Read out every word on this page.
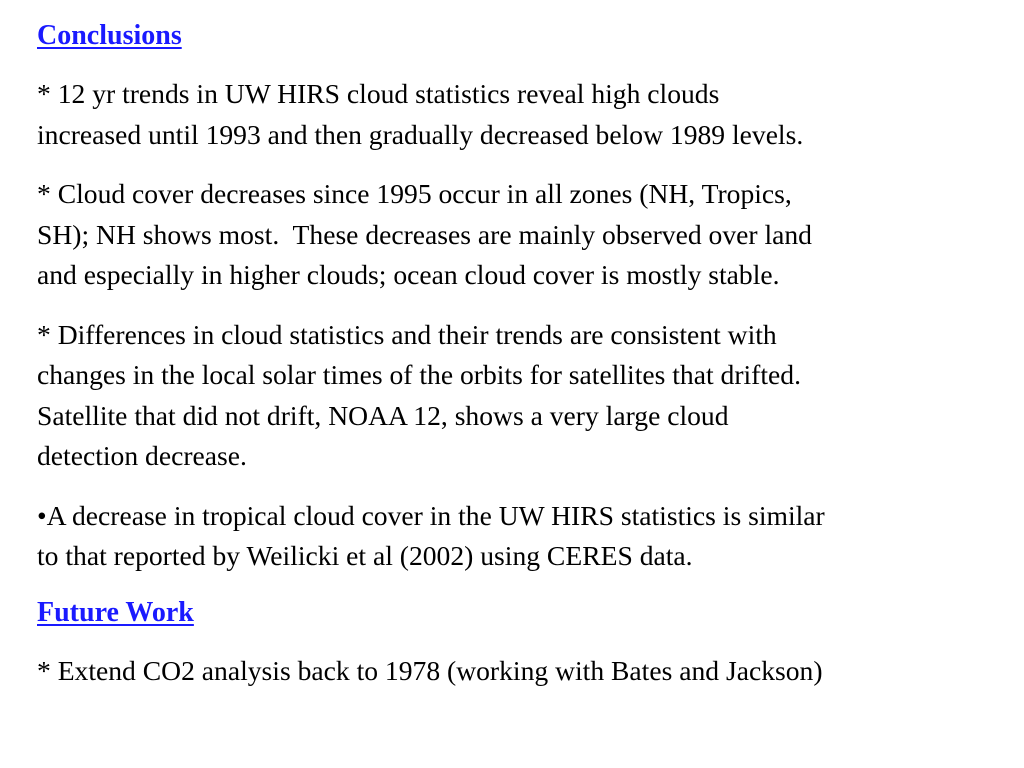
Conclusions
* 12 yr trends in UW HIRS cloud statistics reveal high clouds
increased until 1993 and then gradually decreased below 1989 levels.
* Cloud cover decreases since 1995 occur in all zones (NH, Tropics,
SH); NH shows most.  These decreases are mainly observed over land
and especially in higher clouds; ocean cloud cover is mostly stable.
* Differences in cloud statistics and their trends are consistent with
changes in the local solar times of the orbits for satellites that drifted.
Satellite that did not drift, NOAA 12, shows a very large cloud
detection decrease.
•A decrease in tropical cloud cover in the UW HIRS statistics is similar
to that reported by Weilicki et al (2002) using CERES data.
Future Work
* Extend CO2 analysis back to 1978 (working with Bates and Jackson)
